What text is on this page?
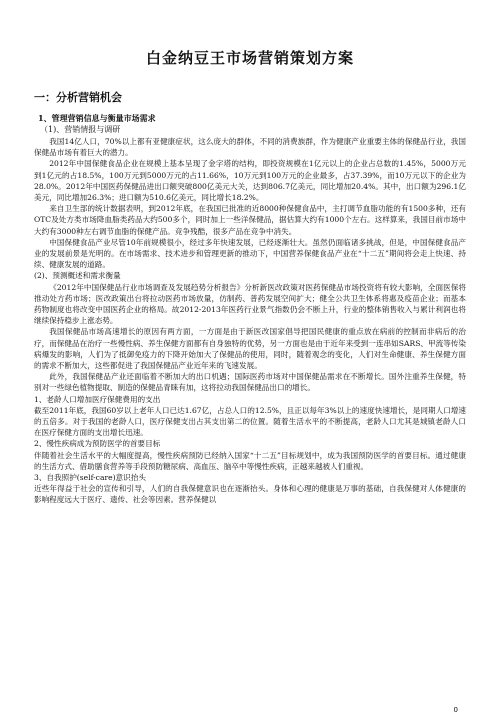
白金纳豆王市场营销策划方案
一：分析营销机会
1、管理营销信息与衡量市场需求
（1)、营销情报与调研

我国14亿人口，70%以上都有亚健康症状，这么庞大的群体，不同的消费族群，作为健康产业重要主体的保健品行业，我国保健品市场有着巨大的潜力。

2012年中国保健食品企业在规模上基本呈现了金字塔的结构，即投资规模在1亿元以上的企业占总数的1.45%，5000万元到1亿元的占18.5%，100万元到5000万元的占11.66%，10万元到100万元的企业最多，占37.39%，而10万元以下的企业为28.0%。2012年中国医药保健品进出口额突破800亿美元大关，达到806.7亿美元，同比增加20.4%。其中，出口额为296.1亿美元，同比增加26.3%；进口额为510.6亿美元，同比增长18.2%。

来自卫生部的统计数据表明，到2012年底，在我国已批准的近8000种保健食品中，主打调节血脂功能的有1500多种，还有OTC及处方类市场降血脂类药品大约500多个，同时加上一些洋保健品，据估算大约有1000个左右。这样算来，我国目前市场中大约有3000种左右调节血脂的保健产品。竞争残酷，很多产品在竞争中消失。

中国保健食品产业尽管10年前规模很小，经过多年快速发展，已经逐渐壮大。虽然仍面临诸多挑战，但是，中国保健食品产业的发展前景是光明的。在市场需求、技术进步和管理更新的推动下，中国营养保健食品产业在“十二五”期间将会走上快速、持续、健康发展的道路。

(2)、预测概述和需求衡量

《2012年中国保健品行业市场调查及发展趋势分析报告》分析新医改政策对医药保健品市场投资将有较大影响，全面医保将推动处方药市场；医改政策出台将拉动医药市场放量，仿制药、普药发展空间扩大；健全公共卫生体系将惠及疫苗企业；而基本药物制度也将改变中国医药企业的格局。故2012-2013年医药行业景气指数仍会不断上升，行业的整体销售收入与累计利润也将继续保持稳步上涨态势。

我国保健品市场高速增长的原因有两方面，一方面是由于新医改国家倡导把国民健康的重点放在病前的控制而非病后的治疗，而保健品在治疗一些慢性病、养生保健方面都有自身独特的优势，另一方面也是由于近年来受到一连串如SARS、甲流等传染病爆发的影响，人们为了抵御免疫力的下降开始加大了保健品的使用，同时，随着观念的变化，人们对生命健康、养生保健方面的需求不断加大，这些都促进了我国保健品产业近年来的飞速发展。

此外，我国保健品产业还面临着不断加大的出口机遇；国际医药市场对中国保健品需求在不断增长。国外注重养生保健，特别对一些绿色植物提取、制造的保健品青睐有加，这将拉动我国保健品出口的增长。

1、老龄人口增加医疗保健费用的支出

截至2011年底，我国60岁以上老年人口已达1.67亿，占总人口的12.5%，且正以每年3%以上的速度快速增长，是同期人口增速的五倍多。对于我国的老龄人口，医疗保健支出占其支出第二的位置。随着生活水平的不断提高，老龄人口尤其是城镇老龄人口在医疗保健方面的支出增长迅速。

2、慢性疾病成为预防医学的首要目标

伴随着社会生活水平的大幅度提高，慢性疾病预防已经纳入国家“十二五”目标规划中，成为我国预防医学的首要目标。通过健康的生活方式、借助膳食营养等手段预防糖尿病、高血压、脑卒中等慢性疾病，正越来越被人们重视。

3、自我照护(self-care)意识抬头

近些年得益于社会的宣传和引导，人们的自我保健意识也在逐渐抬头。身体和心理的健康是万事的基础，自我保健对人体健康的影响程度远大于医疗、遗传、社会等因素。营养保健以

0
